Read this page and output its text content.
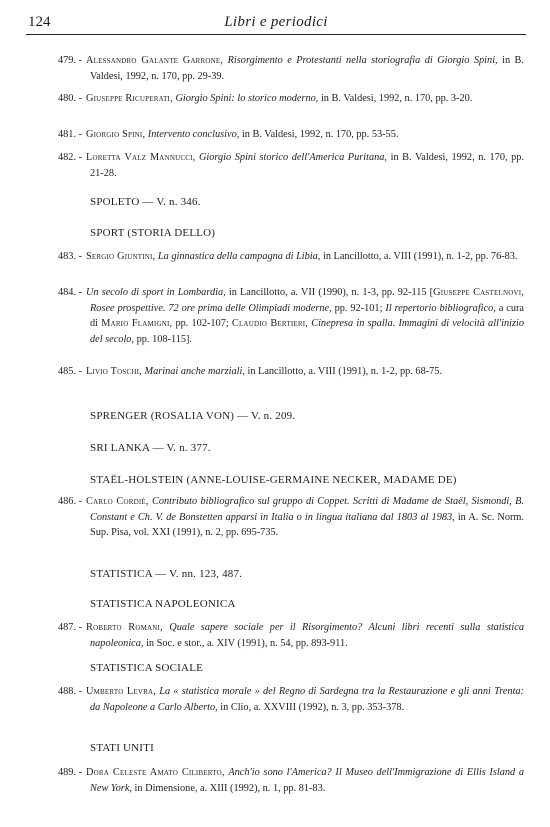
124	Libri e periodici
479. - Alessandro Galante Garrone, Risorgimento e Protestanti nella storiografia di Giorgio Spini, in B. Valdesi, 1992, n. 170, pp. 29-39.

480. - Giuseppe Ricuperati, Giorgio Spini: lo storico moderno, in B. Valdesi, 1992, n. 170, pp. 3-20.

481. - Giorgio Spini, Intervento conclusivo, in B. Valdesi, 1992, n. 170, pp. 53-55.

482. - Loretta Valz Mannucci, Giorgio Spini storico dell'America Puritana, in B. Valdesi, 1992, n. 170, pp. 21-28.

SPOLETO — V. n. 346.
SPORT (STORIA DELLO)
483. - Sergio Giuntini, La ginnastica della campagna di Libia, in Lancillotto, a. VIII (1991), n. 1-2, pp. 76-83.

484. - Un secolo di sport in Lombardia, in Lancillotto, a. VII (1990), n. 1-3, pp. 92-115 [Giuseppe Castelnovi, Rosee prospettive. 72 ore prima delle Olimpiadi moderne, pp. 92-101; Il repertorio bibliografico, a cura di Mario Flamigni, pp. 102-107; Claudio Bertieri, Cinepresa in spalla. Immagini di velocità all'inizio del secolo, pp. 108-115].

485. - Livio Toschi, Marinai anche marziali, in Lancillotto, a. VIII (1991), n. 1-2, pp. 68-75.

SPRENGER (ROSALIA VON) — V. n. 209.
SRI LANKA — V. n. 377.
STAËL-HOLSTEIN (ANNE-LOUISE-GERMAINE NECKER, MADAME DE)
486. - Carlo Cordiè, Contributo bibliografico sul gruppo di Coppet. Scritti di Madame de Staël, Sismondi, B. Constant e Ch. V. de Bonstetten apparsi in Italia o in lingua italiana dal 1803 al 1983, in A. Sc. Norm. Sup. Pisa, vol. XXI (1991), n. 2, pp. 695-735.

STATISTICA — V. nn. 123, 487.
STATISTICA NAPOLEONICA
487. - Roberto Romani, Quale sapere sociale per il Risorgimento? Alcuni libri recenti sulla statistica napoleonica, in Soc. e stor., a. XIV (1991), n. 54, pp. 893-911.

STATISTICA SOCIALE
488. - Umberto Levra, La « statistica morale » del Regno di Sardegna tra la Restaurazione e gli anni Trenta: da Napoleone a Carlo Alberto, in Clio, a. XXVIII (1992), n. 3, pp. 353-378.

STATI UNITI
489. - Dora Celeste Amato Ciliberto, Anch'io sono l'America? Il Museo dell'Immigrazione di Ellis Island a New York, in Dimensione, a. XIII (1992), n. 1, pp. 81-83.
